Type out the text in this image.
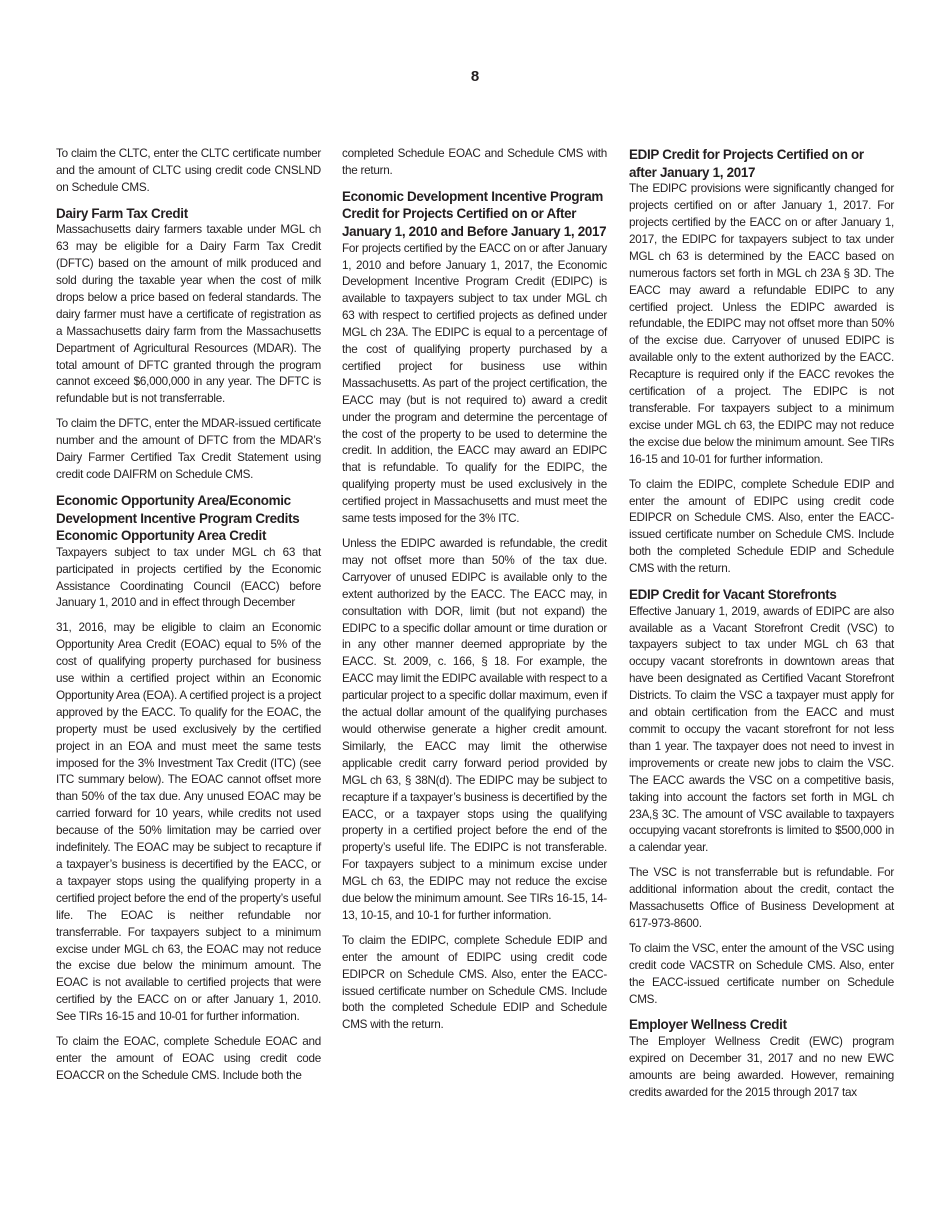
8

To claim the CLTC, enter the CLTC certificate number and the amount of CLTC using credit code CNSLND on Schedule CMS.

Dairy Farm Tax Credit

Massachusetts dairy farmers taxable under MGL ch 63 may be eligible for a Dairy Farm Tax Credit (DFTC) based on the amount of milk produced and sold during the taxable year when the cost of milk drops below a price based on federal standards. The dairy farmer must have a certificate of registration as a Massachusetts dairy farm from the Massachusetts Department of Agricultural Resources (MDAR). The total amount of DFTC granted through the program cannot exceed $6,000,000 in any year. The DFTC is refundable but is not transferrable.

To claim the DFTC, enter the MDAR-issued certificate number and the amount of DFTC from the MDAR’s Dairy Farmer Certified Tax Credit Statement using credit code DAIFRM on Schedule CMS.

Economic Opportunity Area/Economic Development Incentive Program Credits
Economic Opportunity Area Credit

Taxpayers subject to tax under MGL ch 63 that participated in projects certified by the Economic Assistance Coordinating Council (EACC) before January 1, 2010 and in effect through December

31, 2016, may be eligible to claim an Economic Opportunity Area Credit (EOAC) equal to 5% of the cost of qualifying property purchased for business use within a certified project within an Economic Opportunity Area (EOA). A certified project is a project approved by the EACC. To qualify for the EOAC, the property must be used exclusively by the certified project in an EOA and must meet the same tests imposed for the 3% Investment Tax Credit (ITC) (see ITC summary below). The EOAC cannot offset more than 50% of the tax due. Any unused EOAC may be carried forward for 10 years, while credits not used because of the 50% limitation may be carried over indefinitely. The EOAC may be subject to recapture if a taxpayer’s business is decertified by the EACC, or a taxpayer stops using the qualifying property in a certified project before the end of the property’s useful life. The EOAC is neither refundable nor transferrable. For taxpayers subject to a minimum excise under MGL ch 63, the EOAC may not reduce the excise due below the minimum amount. The EOAC is not available to certified projects that were certified by the EACC on or after January 1, 2010. See TIRs 16-15 and 10-01 for further information.

To claim the EOAC, complete Schedule EOAC and enter the amount of EOAC using credit code EOACCR on the Schedule CMS. Include both the

completed Schedule EOAC and Schedule CMS with the return.

Economic Development Incentive Program Credit for Projects Certified on or After January 1, 2010 and Before January 1, 2017

For projects certified by the EACC on or after January 1, 2010 and before January 1, 2017, the Economic Development Incentive Program Credit (EDIPC) is available to taxpayers subject to tax under MGL ch 63 with respect to certified projects as defined under MGL ch 23A. The EDIPC is equal to a percentage of the cost of qualifying property purchased by a certified project for business use within Massachusetts. As part of the project certification, the EACC may (but is not required to) award a credit under the program and determine the percentage of the cost of the property to be used to determine the credit. In addition, the EACC may award an EDIPC that is refundable. To qualify for the EDIPC, the qualifying property must be used exclusively in the certified project in Massachusetts and must meet the same tests imposed for the 3% ITC.

Unless the EDIPC awarded is refundable, the credit may not offset more than 50% of the tax due. Carryover of unused EDIPC is available only to the extent authorized by the EACC. The EACC may, in consultation with DOR, limit (but not expand) the EDIPC to a specific dollar amount or time duration or in any other manner deemed appropriate by the EACC. St. 2009, c. 166, § 18. For example, the EACC may limit the EDIPC available with respect to a particular project to a specific dollar maximum, even if the actual dollar amount of the qualifying purchases would otherwise generate a higher credit amount. Similarly, the EACC may limit the otherwise applicable credit carry forward period provided by MGL ch 63, § 38N(d). The EDIPC may be subject to recapture if a taxpayer’s business is decertified by the EACC, or a taxpayer stops using the qualifying property in a certified project before the end of the property’s useful life. The EDIPC is not transferable. For taxpayers subject to a minimum excise under MGL ch 63, the EDIPC may not reduce the excise due below the minimum amount. See TIRs 16-15, 14-13, 10-15, and 10-1 for further information.

To claim the EDIPC, complete Schedule EDIP and enter the amount of EDIPC using credit code EDIPCR on Schedule CMS. Also, enter the EACC-issued certificate number on Schedule CMS. Include both the completed Schedule EDIP and Schedule CMS with the return.

EDIP Credit for Projects Certified on or after January 1, 2017

The EDIPC provisions were significantly changed for projects certified on or after January 1, 2017. For projects certified by the EACC on or after January 1, 2017, the EDIPC for taxpayers subject to tax under MGL ch 63 is determined by the EACC based on numerous factors set forth in MGL ch 23A § 3D. The EACC may award a refundable EDIPC to any certified project. Unless the EDIPC awarded is refundable, the EDIPC may not offset more than 50% of the excise due. Carryover of unused EDIPC is available only to the extent authorized by the EACC. Recapture is required only if the EACC revokes the certification of a project. The EDIPC is not transferable. For taxpayers subject to a minimum excise under MGL ch 63, the EDIPC may not reduce the excise due below the minimum amount. See TIRs 16-15 and 10-01 for further information.

To claim the EDIPC, complete Schedule EDIP and enter the amount of EDIPC using credit code EDIPCR on Schedule CMS. Also, enter the EACC-issued certificate number on Schedule CMS. Include both the completed Schedule EDIP and Schedule CMS with the return.

EDIP Credit for Vacant Storefronts

Effective January 1, 2019, awards of EDIPC are also available as a Vacant Storefront Credit (VSC) to taxpayers subject to tax under MGL ch 63 that occupy vacant storefronts in downtown areas that have been designated as Certified Vacant Storefront Districts. To claim the VSC a taxpayer must apply for and obtain certification from the EACC and must commit to occupy the vacant storefront for not less than 1 year. The taxpayer does not need to invest in improvements or create new jobs to claim the VSC. The EACC awards the VSC on a competitive basis, taking into account the factors set forth in MGL ch 23A,§ 3C. The amount of VSC available to taxpayers occupying vacant storefronts is limited to $500,000 in a calendar year.

The VSC is not transferrable but is refundable. For additional information about the credit, contact the Massachusetts Office of Business Development at 617-973-8600.

To claim the VSC, enter the amount of the VSC using credit code VACSTR on Schedule CMS. Also, enter the EACC-issued certificate number on Schedule CMS.

Employer Wellness Credit

The Employer Wellness Credit (EWC) program expired on December 31, 2017 and no new EWC amounts are being awarded. However, remaining credits awarded for the 2015 through 2017 tax
